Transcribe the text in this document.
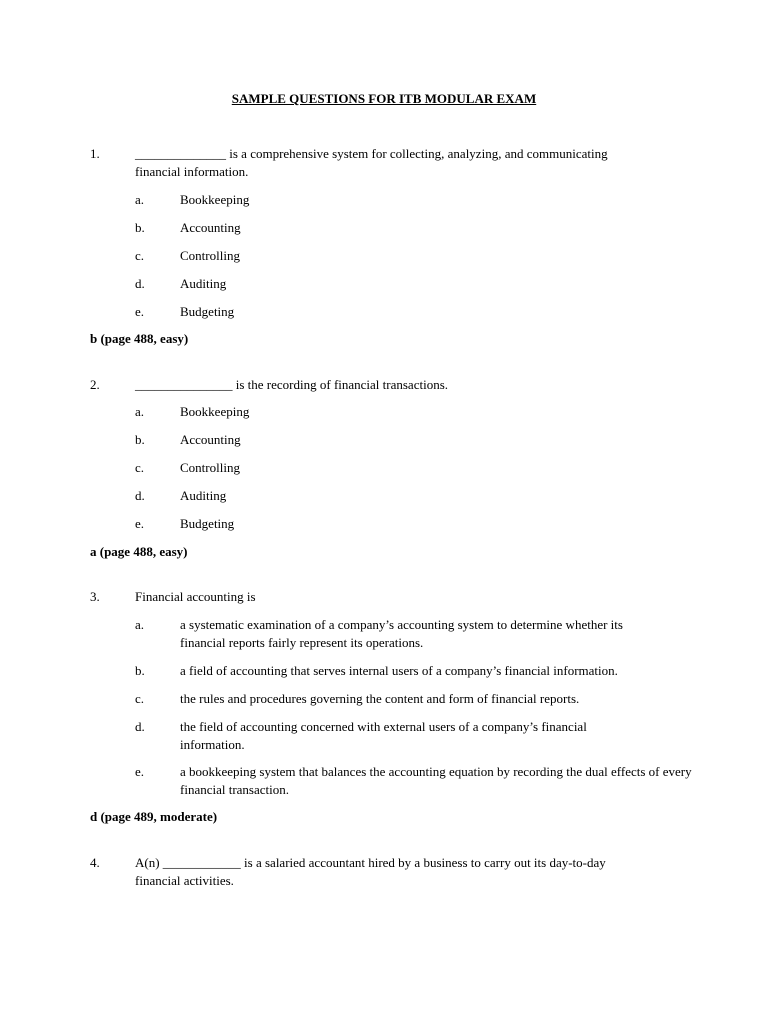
SAMPLE QUESTIONS FOR ITB MODULAR EXAM
1.	______________ is a comprehensive system for collecting, analyzing, and communicating financial information.
a.	Bookkeeping
b.	Accounting
c.	Controlling
d.	Auditing
e.	Budgeting
b (page 488, easy)
2.	_______________ is the recording of financial transactions.
a.	Bookkeeping
b.	Accounting
c.	Controlling
d.	Auditing
e.	Budgeting
a (page 488, easy)
3.	Financial accounting is
a.	a systematic examination of a company’s accounting system to determine whether its financial reports fairly represent its operations.
b.	a field of accounting that serves internal users of a company’s financial information.
c.	the rules and procedures governing the content and form of financial reports.
d.	the field of accounting concerned with external users of a company’s financial information.
e.	a bookkeeping system that balances the accounting equation by recording the dual effects of every financial transaction.
d (page 489, moderate)
4.	A(n) ____________ is a salaried accountant hired by a business to carry out its day-to-day financial activities.
